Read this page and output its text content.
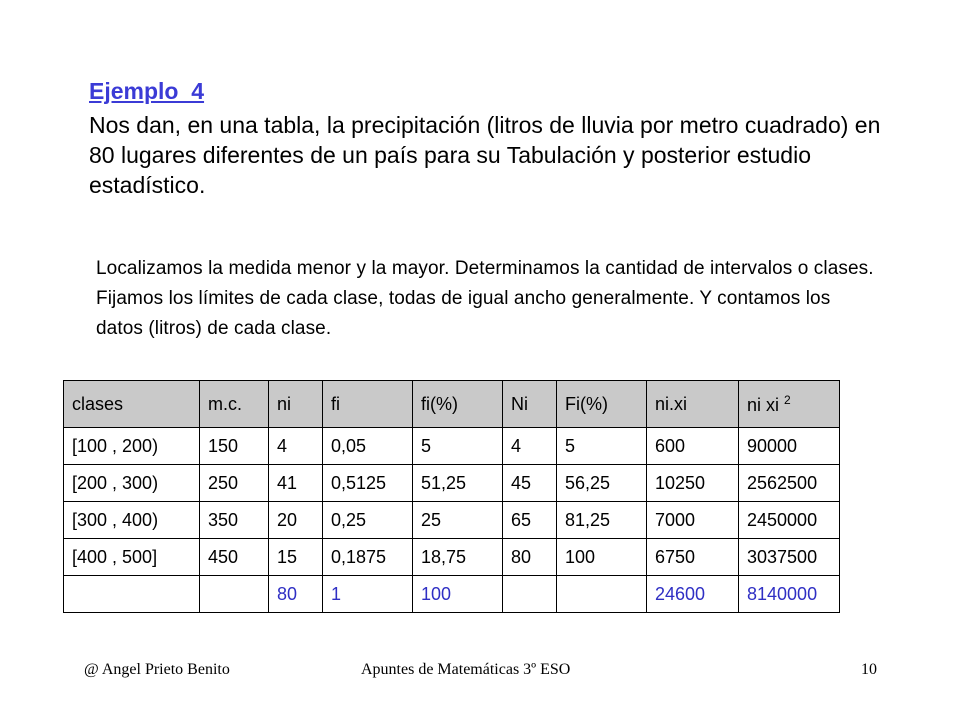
Ejemplo_4

Nos dan, en una tabla, la precipitación (litros de lluvia por metro cuadrado) en 80 lugares diferentes de un país para su Tabulación y posterior estudio estadístico.

Localizamos la medida menor y la mayor. Determinamos la cantidad de intervalos o clases. Fijamos los límites de cada clase, todas de igual ancho generalmente. Y contamos los datos (litros) de cada clase.

clases	m.c.	ni	fi	fi(%)	Ni	Fi(%)	ni.xi	ni xi $^2$
[100 , 200)	150	4	0,05	5	4	5	600	90000
[200 , 300)	250	41	0,5125	51,25	45	56,25	10250	2562500
[300 , 400)	350	20	0,25	25	65	81,25	7000	2450000
[400 , 500]	450	15	0,1875	18,75	80	100	6750	3037500
		80	1	100			24600	8140000
@ Angel Prieto Benito	Apuntes de Matemáticas 3º ESO	10
